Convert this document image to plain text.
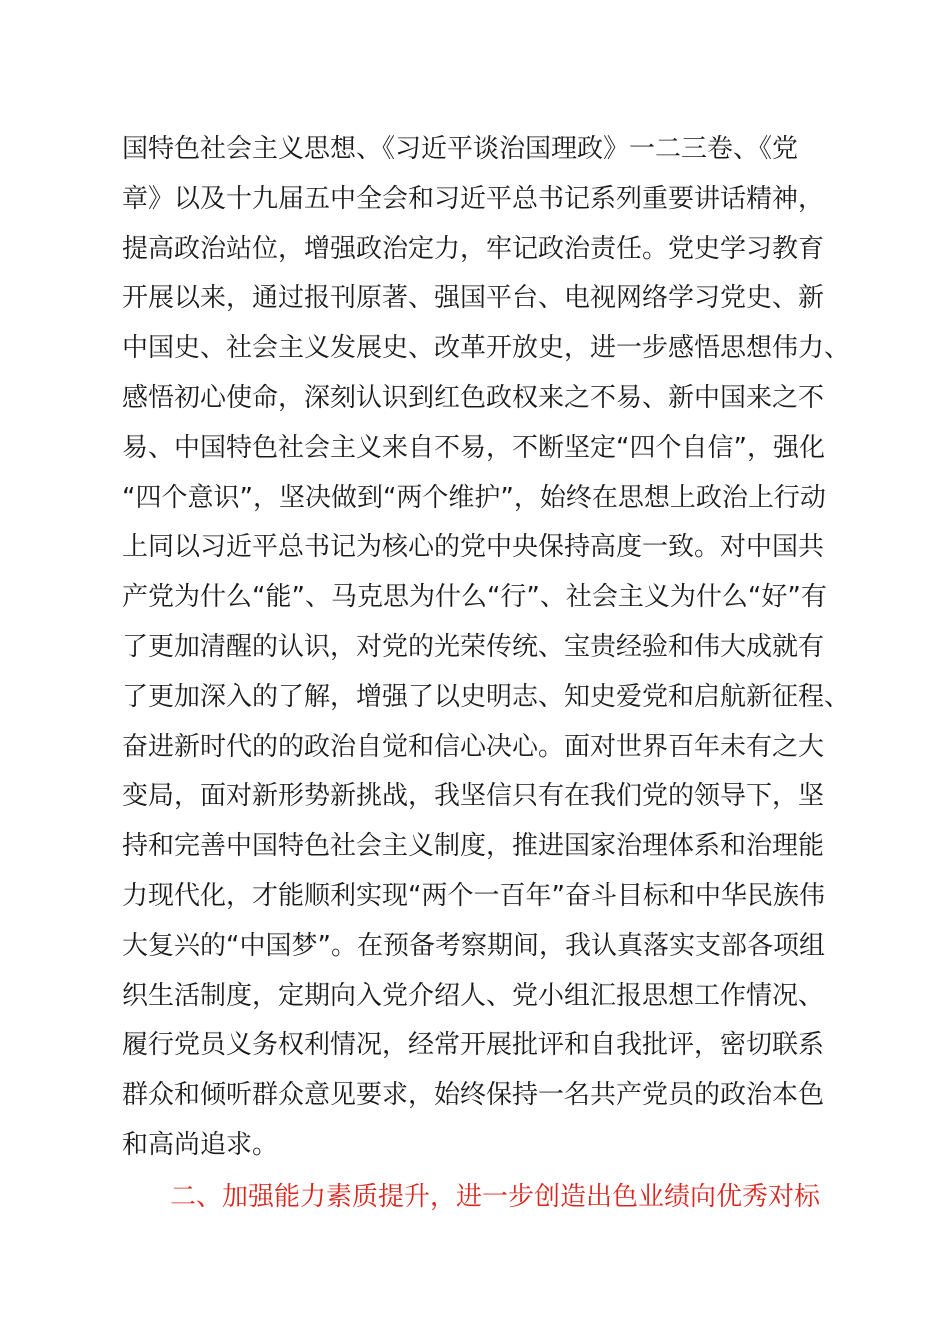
国特色社会主义思想、《习近平谈治国理政》一二三卷、《党
章》以及十九届五中全会和习近平总书记系列重要讲话精神，
提高政治站位，增强政治定力，牢记政治责任。党史学习教育
开展以来，通过报刊原著、强国平台、电视网络学习党史、新
中国史、社会主义发展史、改革开放史，进一步感悟思想伟力、
感悟初心使命，深刻认识到红色政权来之不易、新中国来之不
易、中国特色社会主义来自不易，不断坚定“四个自信”，强化
“四个意识”，坚决做到“两个维护”，始终在思想上政治上行动
上同以习近平总书记为核心的党中央保持高度一致。对中国共
产党为什么“能”、马克思为什么“行”、社会主义为什么“好”有
了更加清醒的认识，对党的光荣传统、宝贵经验和伟大成就有
了更加深入的了解，增强了以史明志、知史爱党和启航新征程、
奋进新时代的的政治自觉和信心决心。面对世界百年未有之大
变局，面对新形势新挑战，我坚信只有在我们党的领导下，坚
持和完善中国特色社会主义制度，推进国家治理体系和治理能
力现代化，才能顺利实现“两个一百年”奋斗目标和中华民族伟
大复兴的“中国梦”。在预备考察期间，我认真落实支部各项组
织生活制度，定期向入党介绍人、党小组汇报思想工作情况、
履行党员义务权利情况，经常开展批评和自我批评，密切联系
群众和倾听群众意见要求，始终保持一名共产党员的政治本色
和高尚追求。
二、加强能力素质提升，进一步创造出色业绩向优秀对标
